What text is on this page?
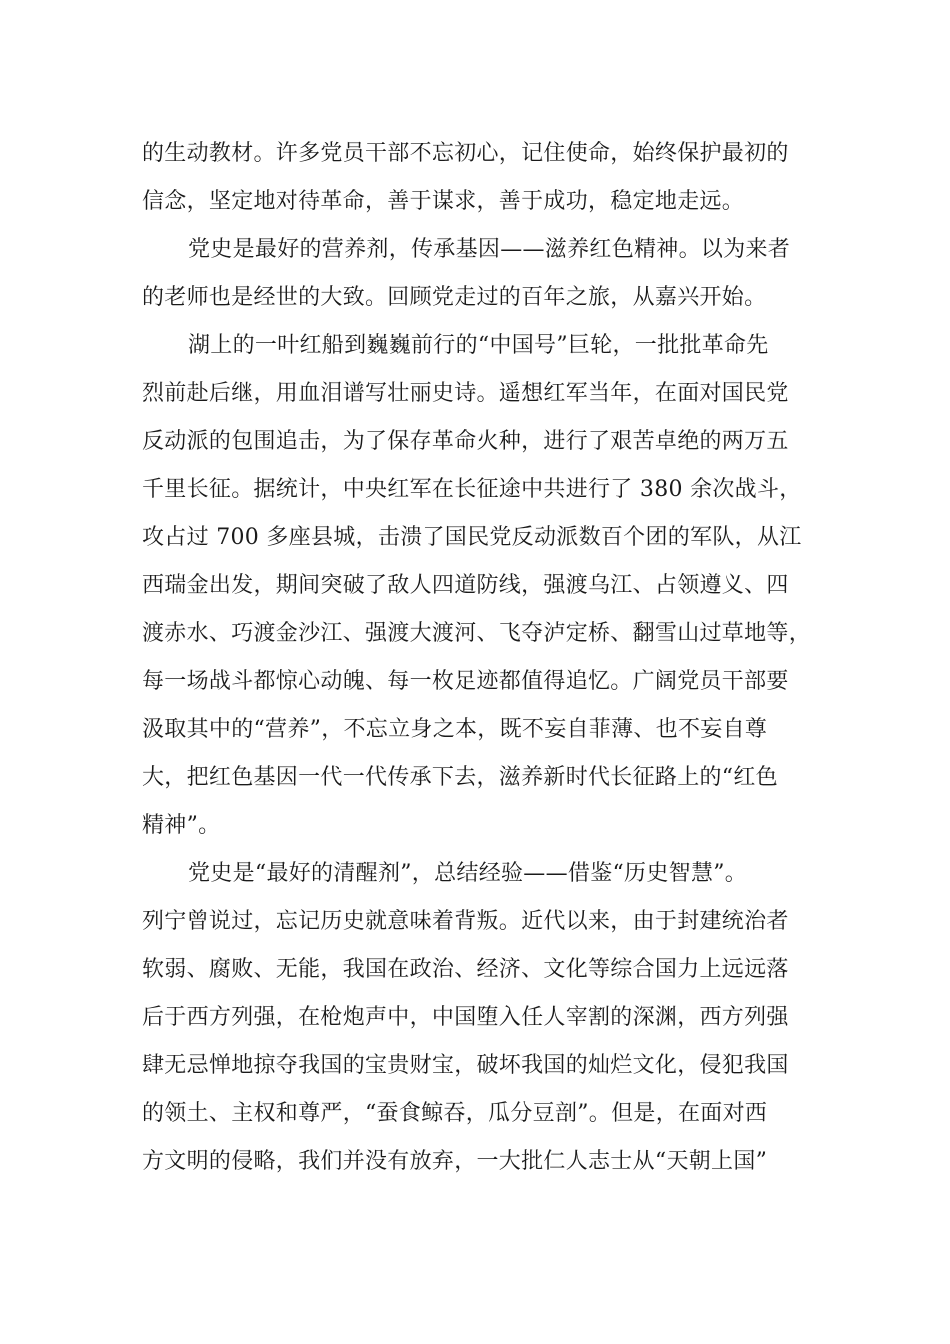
的生动教材。许多党员干部不忘初心，记住使命，始终保护最初的
信念，坚定地对待革命，善于谋求，善于成功，稳定地走远。
党史是最好的营养剂，传承基因——滋养红色精神。以为来者
的老师也是经世的大致。回顾党走过的百年之旅，从嘉兴开始。
湖上的一叶红船到巍巍前行的“中国号”巨轮，一批批革命先
烈前赴后继，用血泪谱写壮丽史诗。遥想红军当年，在面对国民党
反动派的包围追击，为了保存革命火种，进行了艰苦卓绝的两万五
千里长征。据统计，中央红军在长征途中共进行了 380 余次战斗，
攻占过 700 多座县城，击溃了国民党反动派数百个团的军队，从江
西瑞金出发，期间突破了敌人四道防线，强渡乌江、占领遵义、四
渡赤水、巧渡金沙江、强渡大渡河、飞夺泸定桥、翻雪山过草地等，
每一场战斗都惊心动魄、每一枚足迹都值得追忆。广阔党员干部要
汲取其中的“营养”，不忘立身之本，既不妄自菲薄、也不妄自尊
大，把红色基因一代一代传承下去，滋养新时代长征路上的“红色
精神”。
党史是“最好的清醒剂”，总结经验——借鉴“历史智慧”。
列宁曾说过，忘记历史就意味着背叛。近代以来，由于封建统治者
软弱、腐败、无能，我国在政治、经济、文化等综合国力上远远落
后于西方列强，在枪炮声中，中国堕入任人宰割的深渊，西方列强
肆无忌惮地掠夺我国的宝贵财宝，破坏我国的灿烂文化，侵犯我国
的领土、主权和尊严，“蚕食鲸吞，瓜分豆剖”。但是，在面对西
方文明的侵略，我们并没有放弃，一大批仁人志士从“天朝上国”
